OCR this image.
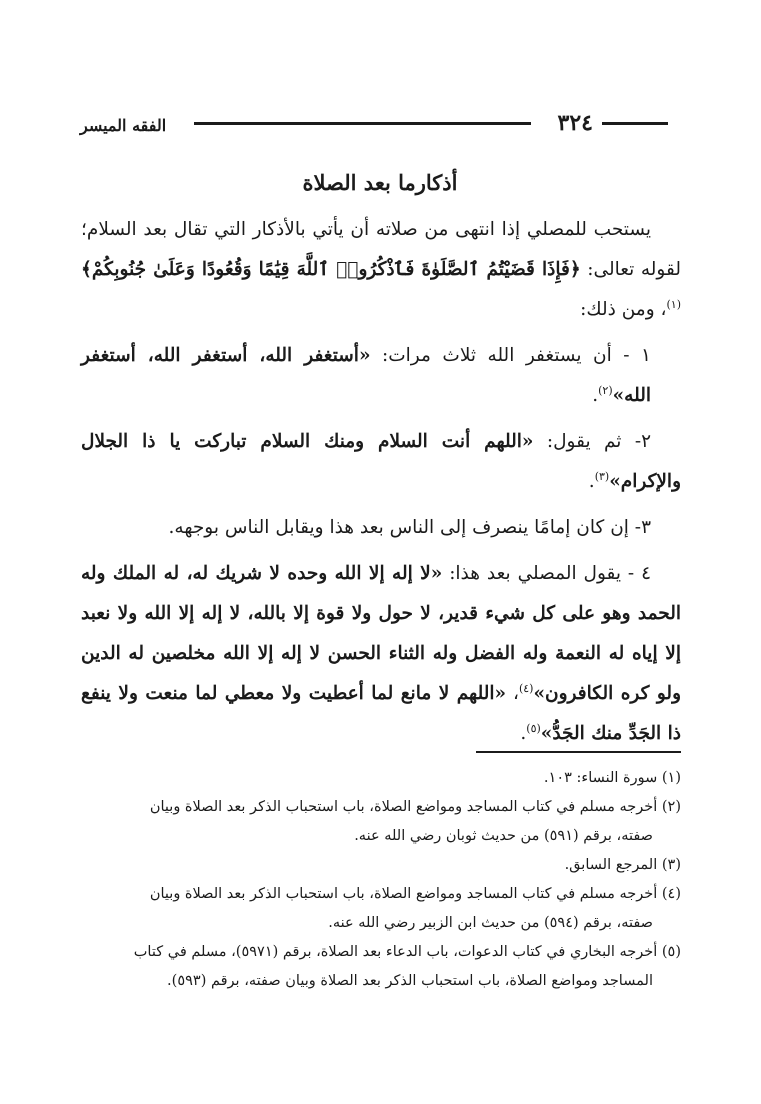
٣٢٤
الفقه الميسر
أذكارما بعد الصلاة

يستحب للمصلي إذا انتهى من صلاته أن يأتي بالأذكار التي تقال بعد السلام؛ لقوله تعالى: ﴿فَإِذَا قَضَيْتُمُ ٱلصَّلَوٰةَ فَٱذْكُرُوا۟ ٱللَّهَ قِيَٰمًا وَقُعُودًا وَعَلَىٰ جُنُوبِكُمْ﴾$^{(١)}$، ومن ذلك:

١ - أن يستغفر الله ثلاث مرات: «أستغفر الله، أستغفر الله، أستغفر الله»$^{(٢)}$.

٢- ثم يقول: «اللهم أنت السلام ومنك السلام تباركت يا ذا الجلال والإكرام»$^{(٣)}$.

٣- إن كان إمامًا ينصرف إلى الناس بعد هذا ويقابل الناس بوجهه.

٤ - يقول المصلي بعد هذا: «لا إله إلا الله وحده لا شريك له، له الملك وله الحمد وهو على كل شيء قدير، لا حول ولا قوة إلا بالله، لا إله إلا الله ولا نعبد إلا إياه له النعمة وله الفضل وله الثناء الحسن لا إله إلا الله مخلصين له الدين ولو كره الكافرون»$^{(٤)}$، «اللهم لا مانع لما أعطيت ولا معطي لما منعت ولا ينفع ذا الجَدِّ منك الجَدُّ»$^{(٥)}$.

(١) سورة النساء: ١٠٣.

(٢) أخرجه مسلم في كتاب المساجد ومواضع الصلاة، باب استحباب الذكر بعد الصلاة وبيان
صفته، برقم (٥٩١) من حديث ثوبان رضي الله عنه.

(٣) المرجع السابق.

(٤) أخرجه مسلم في كتاب المساجد ومواضع الصلاة، باب استحباب الذكر بعد الصلاة وبيان
صفته، برقم (٥٩٤) من حديث ابن الزبير رضي الله عنه.

(٥) أخرجه البخاري في كتاب الدعوات، باب الدعاء بعد الصلاة، برقم (٥٩٧١)، مسلم في كتاب
المساجد ومواضع الصلاة، باب استحباب الذكر بعد الصلاة وبيان صفته، برقم (٥٩٣).
